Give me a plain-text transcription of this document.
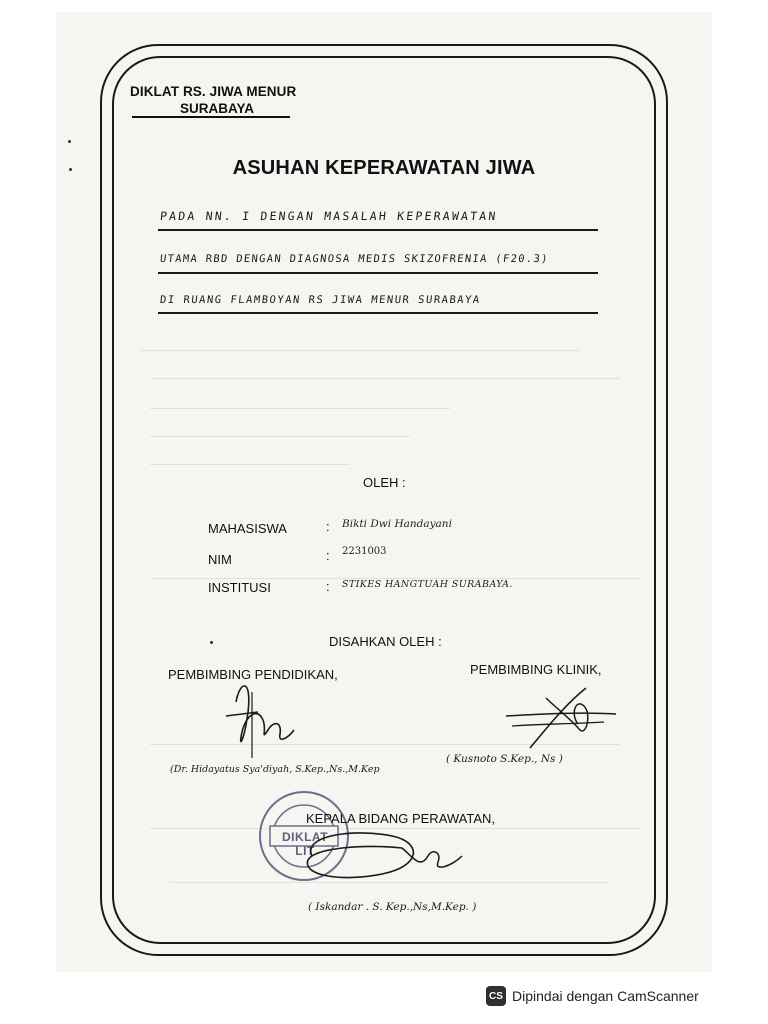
DIKLAT RS. JIWA MENUR
SURABAYA
ASUHAN KEPERAWATAN JIWA
PADA NN. I DENGAN MASALAH KEPERAWATAN
UTAMA RBD DENGAN DIAGNOSA MEDIS SKIZOFRENIA (F20.3)
DI RUANG FLAMBOYAN RS JIWA MENUR SURABAYA
OLEH :
MAHASISWA	: Bikti Dwi Handayani
NIM	: 2231003
INSTITUSI	: STIKES HANGTUAH SURABAYA.
DISAHKAN OLEH :
PEMBIMBING PENDIDIKAN,	PEMBIMBING KLINIK,
(Dr. Hidayatus Sya'diyah, S.Kep.,Ns.,M.Kep
( Kusnoto S.Kep., Ns )
DIKLAT LIT
KEPALA BIDANG PERAWATAN,
( Iskandar . S. Kep.,Ns,M.Kep. )
CS Dipindai dengan CamScanner
